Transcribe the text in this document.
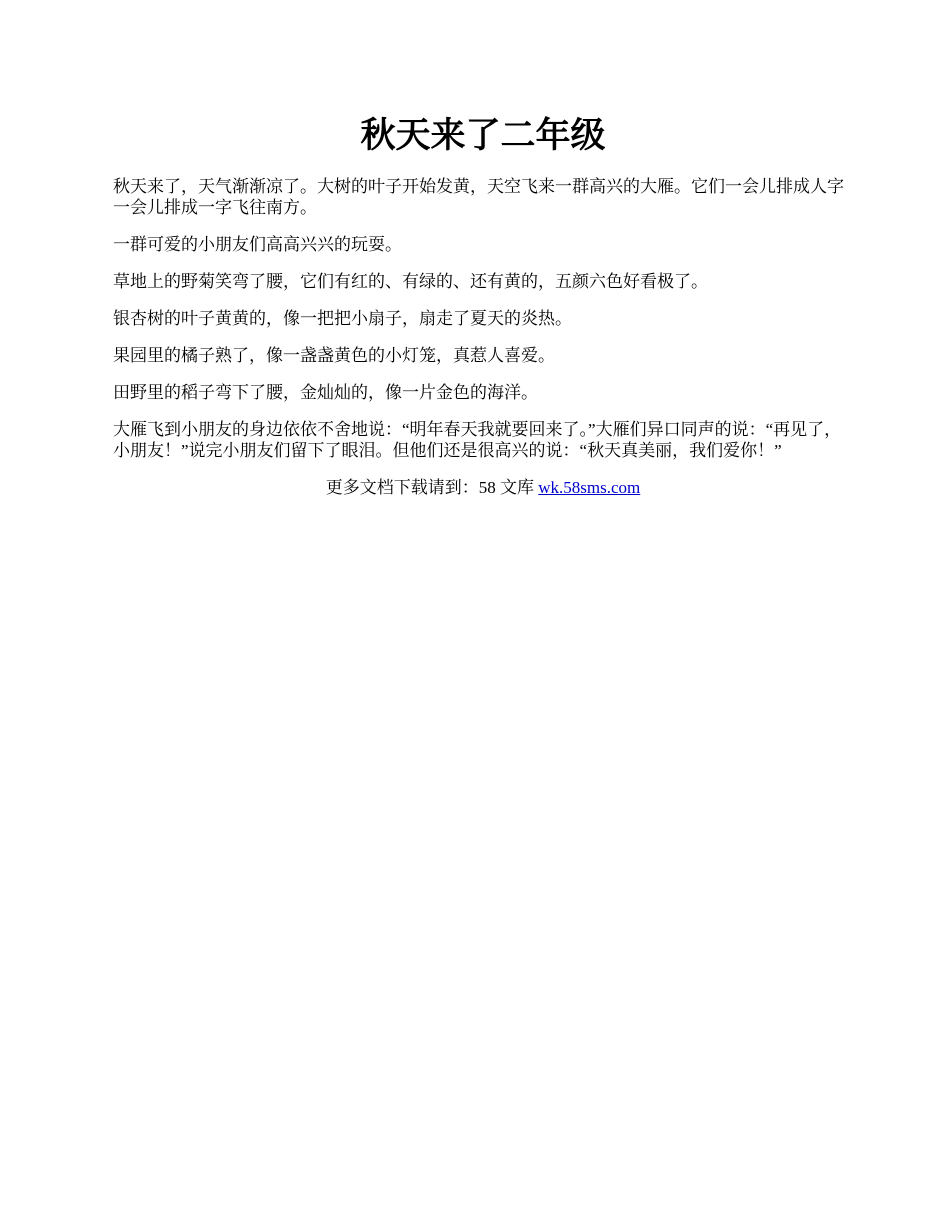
秋天来了二年级

秋天来了，天气渐渐凉了。大树的叶子开始发黄，天空飞来一群高兴的大雁。它们一会儿排成人字一会儿排成一字飞往南方。

一群可爱的小朋友们高高兴兴的玩耍。

草地上的野菊笑弯了腰，它们有红的、有绿的、还有黄的，五颜六色好看极了。

银杏树的叶子黄黄的，像一把把小扇子，扇走了夏天的炎热。

果园里的橘子熟了，像一盏盏黄色的小灯笼，真惹人喜爱。

田野里的稻子弯下了腰，金灿灿的，像一片金色的海洋。

大雁飞到小朋友的身边依依不舍地说：“明年春天我就要回来了。”大雁们异口同声的说：“再见了，小朋友！”说完小朋友们留下了眼泪。但他们还是很高兴的说：“秋天真美丽，我们爱你！”

更多文档下载请到：58 文库 wk.58sms.com
